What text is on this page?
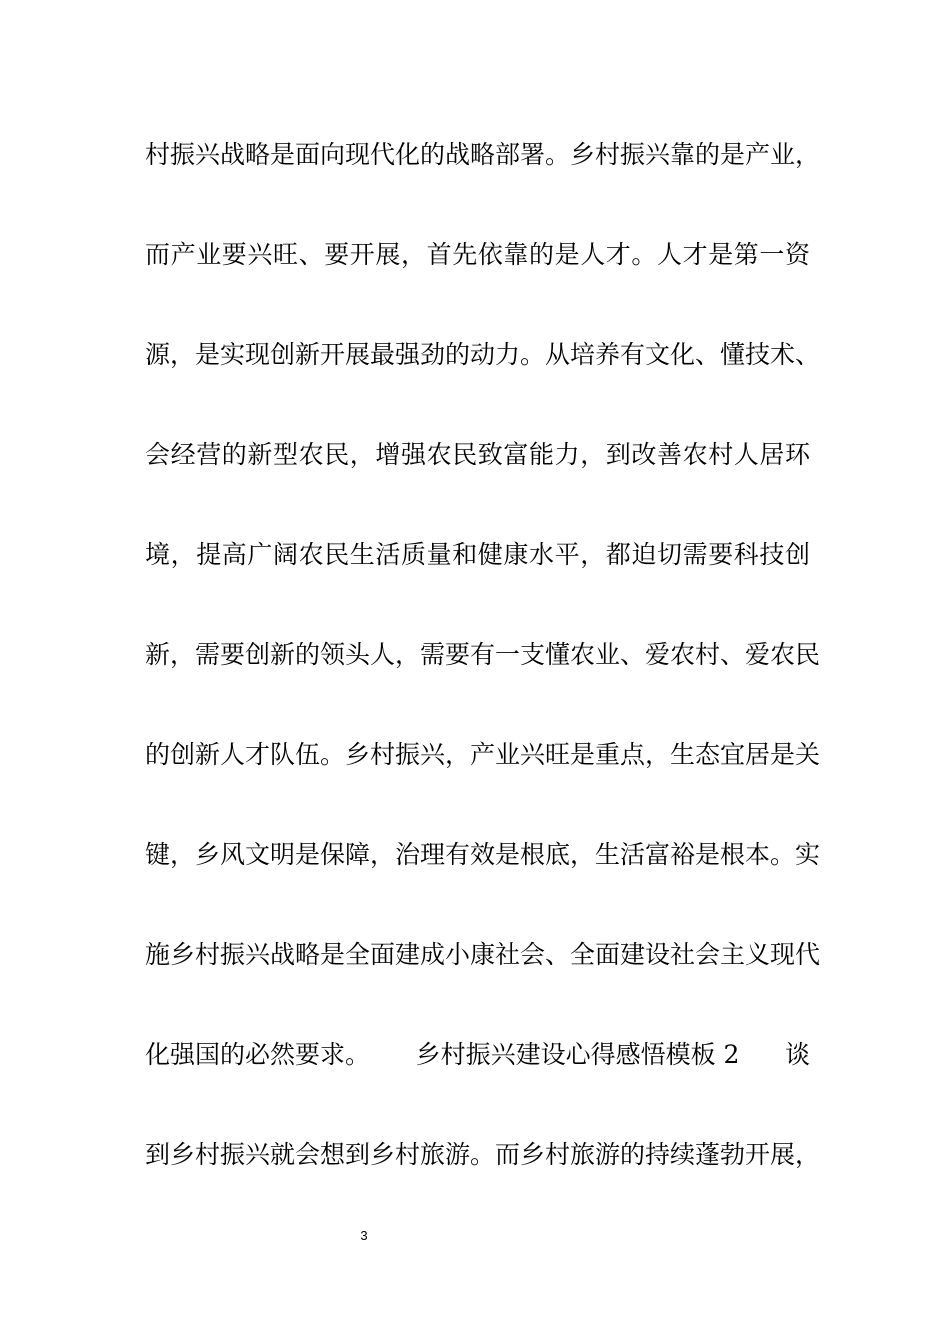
村振兴战略是面向现代化的战略部署。乡村振兴靠的是产业，
而产业要兴旺、要开展，首先依靠的是人才。人才是第一资
源，是实现创新开展最强劲的动力。从培养有文化、懂技术、
会经营的新型农民，增强农民致富能力，到改善农村人居环
境，提高广阔农民生活质量和健康水平，都迫切需要科技创
新，需要创新的领头人，需要有一支懂农业、爱农村、爱农民
的创新人才队伍。乡村振兴，产业兴旺是重点，生态宜居是关
键，乡风文明是保障，治理有效是根底，生活富裕是根本。实
施乡村振兴战略是全面建成小康社会、全面建设社会主义现代
化强国的必然要求。 乡村振兴建设心得感悟模板 2 谈
到乡村振兴就会想到乡村旅游。而乡村旅游的持续蓬勃开展，
3
